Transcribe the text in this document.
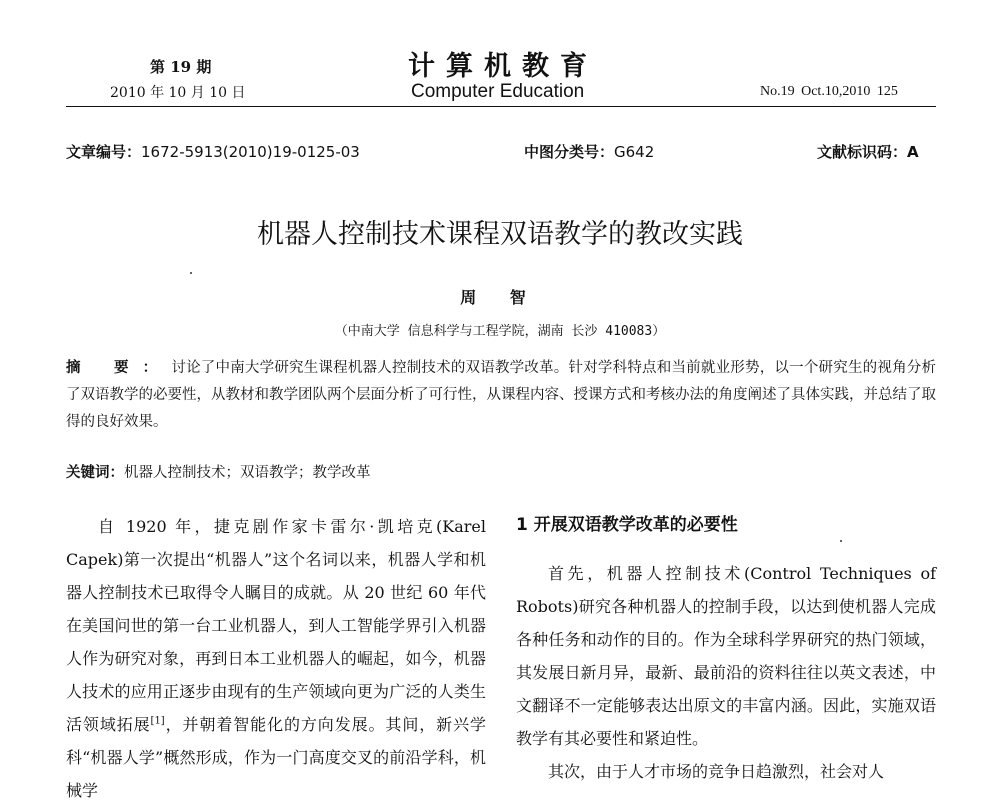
第 19 期
2010 年 10 月 10 日
计算机教育
Computer Education	No.19 Oct.10,2010 125
文章编号：1672-5913(2010)19-0125-03	中图分类号：G642	文献标识码：A
机器人控制技术课程双语教学的教改实践
周 智
（中南大学 信息科学与工程学院，湖南 长沙 410083）
摘 要：讨论了中南大学研究生课程机器人控制技术的双语教学改革。针对学科特点和当前就业形势，以一个研究生的视角分析了双语教学的必要性，从教材和教学团队两个层面分析了可行性，从课程内容、授课方式和考核办法的角度阐述了具体实践，并总结了取得的良好效果。
关键词：机器人控制技术；双语教学；教学改革

自 1920 年，捷克剧作家卡雷尔·凯培克(Karel Capek)第一次提出“机器人”这个名词以来，机器人学和机器人控制技术已取得令人瞩目的成就。从 20 世纪 60 年代在美国问世的第一台工业机器人，到人工智能学界引入机器人作为研究对象，再到日本工业机器人的崛起，如今，机器人技术的应用正逐步由现有的生产领域向更为广泛的人类生活领域拓展[1]，并朝着智能化的方向发展。其间，新兴学科“机器人学”概然形成，作为一门高度交叉的前沿学科，机械学

1 开展双语教学改革的必要性

首先，机器人控制技术(Control Techniques of Robots)研究各种机器人的控制手段，以达到使机器人完成各种任务和动作的目的。作为全球科学界研究的热门领域，其发展日新月异，最新、最前沿的资料往往以英文表述，中文翻译不一定能够表达出原文的丰富内涵。因此，实施双语教学有其必要性和紧迫性。

其次，由于人才市场的竞争日趋激烈，社会对人
